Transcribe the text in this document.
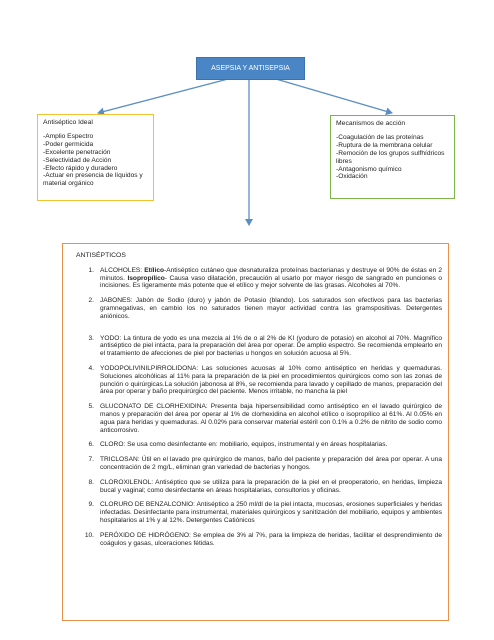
ASEPSIA Y ANTISEPSIA
Antiséptico Ideal
-Amplio Espectro
-Poder germicida
-Excelente penetración
-Selectividad de Acción
-Efecto rápido y duradero
-Actuar en presencia de líquidos y material orgánico
Mecanismos de acción
-Coagulación de las proteínas
-Ruptura de la membrana celular
-Remoción de los grupos sulfhídricos libres
-Antagonismo químico
-Oxidación
ANTISÉPTICOS
1. ALCOHOLES: Etílico-Antiséptico cutáneo que desnaturaliza proteínas bacterianas y destruye el 90% de éstas en 2 minutos. Isopropílico- Causa vaso dilatación, precaución al usarlo por mayor riesgo de sangrado en punciones o incisiones. Es ligeramente más potente que el etílico y mejor solvente de las grasas. Alcoholes al 70%.
2. JABONES: Jabón de Sodio (duro) y jabón de Potasio (blando). Los saturados son efectivos para las bacterias gramnegativas, en cambio los no saturados tienen mayor actividad contra las gramspositivas. Detergentes aniónicos.
3. YODO: La tintura de yodo es una mezcla al 1% de o al 2% de KI (yoduro de potasio) en alcohol al 70%. Magnífico antiséptico de piel intacta, para la preparación del área por operar. De amplio espectro. Se recomienda emplearlo en el tratamiento de afecciones de piel por bacterias u hongos en solución acuosa al 5%.
4. YODOPOLIVINILPIRROLIDONA: Las soluciones acuosas al 10% como antiséptico en heridas y quemaduras. Soluciones alcohólicas al 11% para la preparación de la piel en procedimientos quirúrgicos como son las zonas de punción o quirúrgicas.La solución jabonosa al 8%, se recomienda para lavado y cepillado de manos, preparación del área por operar y baño prequirúrgico del paciente. Menos irritable, no mancha la piel
5. GLUCONATO DE CLORHEXIDINA: Presenta baja hipersensibilidad como antiséptico en el lavado quirúrgico de manos y preparación del área por operar al 1% de clorhexidina en alcohol etílico o isopropílico al 61%. Al 0.05% en agua para heridas y quemaduras. Al 0.02% para conservar material estéril con 0.1% a 0.2% de nitrito de sodio como anticorrosivo.
6. CLORO: Se usa como desinfectante en: mobiliario, equipos, instrumental y en áreas hospitalarias.
7. TRICLOSAN: Útil en el lavado pre quirúrgico de manos, baño del paciente y preparación del área por operar. A una concentración de 2 mg/L, eliminan gran variedad de bacterias y hongos.
8. CLOROXILENOL: Antiséptico que se utiliza para la preparación de la piel en el preoperatorio, en heridas, limpieza bucal y vaginal; como desinfectante en áreas hospitalarias, consultorios y oficinas.
9. CLORURO DE BENZALCONIO: Antiséptico a 250 ml/dl de la piel intacta, mucosas, erosiones superficiales y heridas infectadas. Desinfectante para instrumental, materiales quirúrgicos y sanitización del mobiliario, equipos y ambientes hospitalarios al 1% y al 12%. Detergentes Catiónicos
10. PERÓXIDO DE HIDRÓGENO: Se emplea de 3% al 7%, para la limpieza de heridas, facilitar el desprendimiento de coágulos y gasas, ulceraciones fétidas.
